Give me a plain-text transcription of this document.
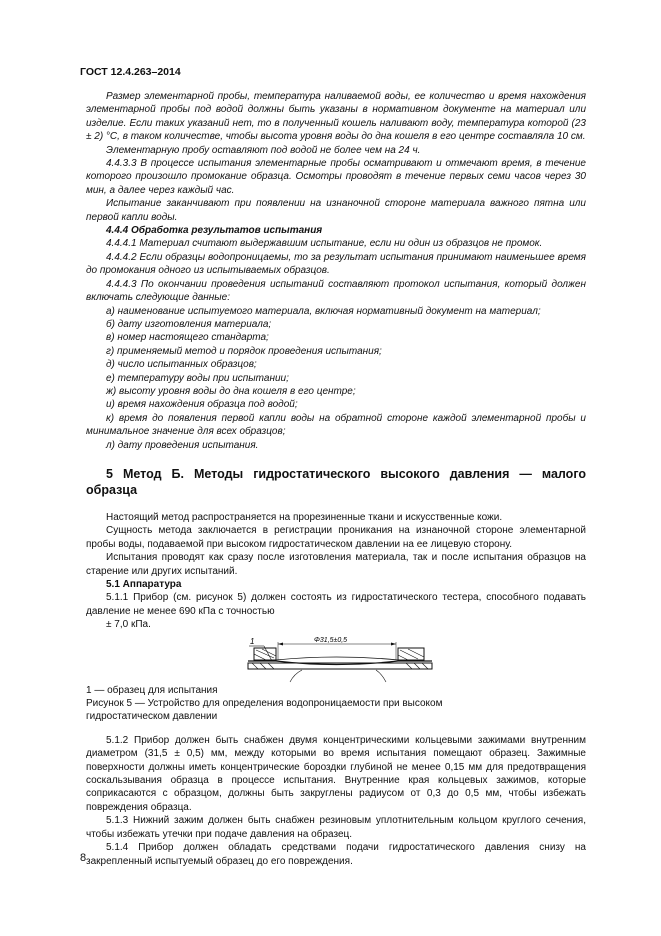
ГОСТ 12.4.263–2014

Размер элементарной пробы, температура наливаемой воды, ее количество и время нахождения элементарной пробы под водой должны быть указаны в нормативном документе на материал или изделие. Если таких указаний нет, то в полученный кошель наливают воду, температура которой (23 ± 2) °С, в таком количестве, чтобы высота уровня воды до дна кошеля в его центре составляла 10 см.

Элементарную пробу оставляют под водой не более чем на 24 ч.

4.4.3.3 В процессе испытания элементарные пробы осматривают и отмечают время, в течение которого произошло промокание образца. Осмотры проводят в течение первых семи часов через 30 мин, а далее через каждый час.

Испытание заканчивают при появлении на изнаночной стороне материала важного пятна или первой капли воды.

4.4.4 Обработка результатов испытания

4.4.4.1 Материал считают выдержавшим испытание, если ни один из образцов не промок.

4.4.4.2 Если образцы водопроницаемы, то за результат испытания принимают наименьшее время до промокания одного из испытываемых образцов.

4.4.4.3 По окончании проведения испытаний составляют протокол испытания, который должен включать следующие данные:

а) наименование испытуемого материала, включая нормативный документ на материал;

б) дату изготовления материала;

в) номер настоящего стандарта;

г) применяемый метод и порядок проведения испытания;

д) число испытанных образцов;

е) температуру воды при испытании;

ж) высоту уровня воды до дна кошеля в его центре;

и) время нахождения образца под водой;

к) время до появления первой капли воды на обратной стороне каждой элементарной пробы и минимальное значение для всех образцов;

л) дату проведения испытания.

5 Метод Б. Методы гидростатического высокого давления — малого образца

Настоящий метод распространяется на прорезиненные ткани и искусственные кожи.

Сущность метода заключается в регистрации проникания на изнаночной стороне элементарной пробы воды, подаваемой при высоком гидростатическом давлении на ее лицевую сторону.

Испытания проводят как сразу после изготовления материала, так и после испытания образцов на старение или других испытаний.

5.1 Аппаратура

5.1.1 Прибор (см. рисунок 5) должен состоять из гидростатического тестера, способного подавать давление не менее 690 кПа с точностью

± 7,0 кПа.

Φ31,5±0,5
1

1 — образец для испытания

Рисунок 5 — Устройство для определения водопроницаемости при высоком

гидростатическом давлении

5.1.2 Прибор должен быть снабжен двумя концентрическими кольцевыми зажимами внутренним диаметром (31,5 ± 0,5) мм, между которыми во время испытания помещают образец. Зажимные поверхности должны иметь концентрические бороздки глубиной не менее 0,15 мм для предотвращения соскальзывания образца в процессе испытания. Внутренние края кольцевых зажимов, которые соприкасаются с образцом, должны быть закруглены радиусом от 0,3 до 0,5 мм, чтобы избежать повреждения образца.

5.1.3 Нижний зажим должен быть снабжен резиновым уплотнительным кольцом круглого сечения, чтобы избежать утечки при подаче давления на образец.

5.1.4 Прибор должен обладать средствами подачи гидростатического давления снизу на закрепленный испытуемый образец до его повреждения.

8
